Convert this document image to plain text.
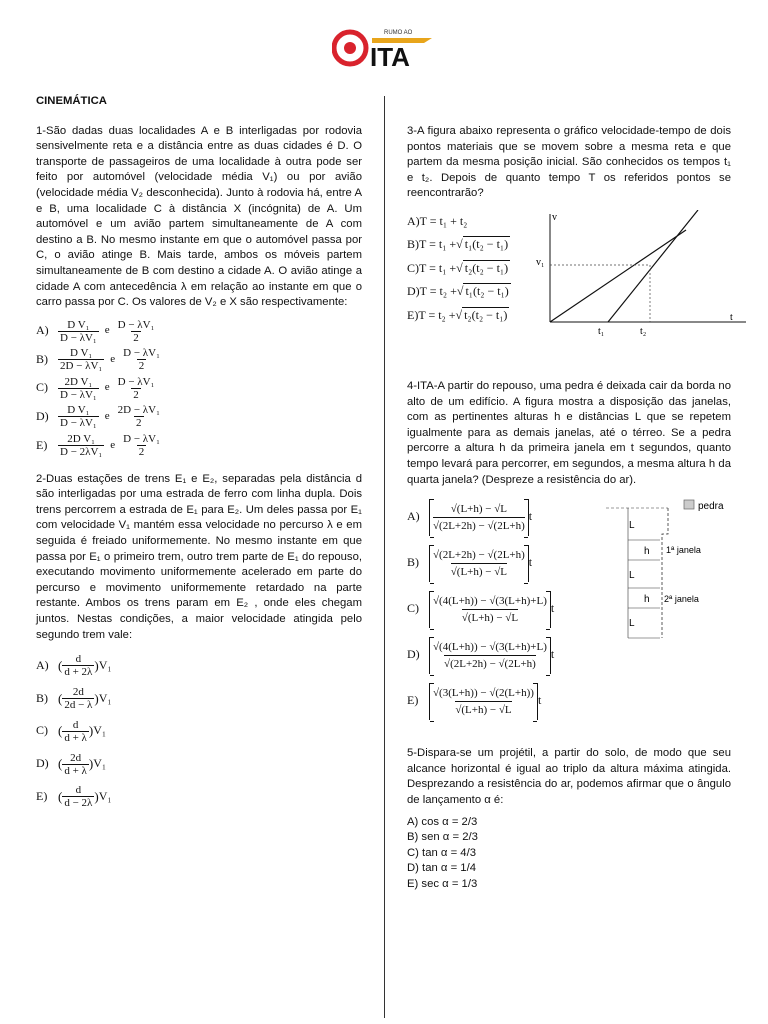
RUMO AO
ITA
CINEMÁTICA
1-São dadas duas localidades A e B interligadas por rodovia sensivelmente reta e a distância entre as duas cidades é D. O transporte de passageiros de uma localidade à outra pode ser feito por automóvel (velocidade média V₁) ou por avião (velocidade média V₂ desconhecida). Junto à rodovia há, entre A e B, uma localidade C à distância X (incógnita) de A. Um automóvel e um avião partem simultaneamente de A com destino a B. No mesmo instante em que o automóvel passa por C, o avião atinge B. Mais tarde, ambos os móveis partem simultaneamente de B com destino a cidade A. O avião atinge a cidade A com antecedência λ em relação ao instante em que o carro passa por C. Os valores de V₂ e X são respectivamente:
$A) \frac{\text{D V₁}}{\text{D − λV₁}}$ e $\frac{\text{D − λV₁}}{2}$
$B) \frac{\text{D V₁}}{\text{2D − λV₁}}$ e $\frac{\text{D − λV₁}}{2}$
$C) \frac{\text{2D V₁}}{\text{D − λV₁}}$ e $\frac{\text{D − λV₁}}{2}$
$D) \frac{\text{D V₁}}{\text{D − λV₁}}$ e $\frac{\text{2D − λV₁}}{2}$
$E) \frac{\text{2D V₁}}{\text{D − 2λV₁}}$ e $\frac{\text{D − λV₁}}{2}$
2-Duas estações de trens E₁ e E₂, separadas pela distância d são interligadas por uma estrada de ferro com linha dupla. Dois trens percorrem a estrada de E₁ para E₂. Um deles passa por E₁ com velocidade V₁ mantém essa velocidade no percurso λ e em seguida é freiado uniformemente. No mesmo instante em que passa por E₁ o primeiro trem, outro trem parte de E₁ do repouso, executando movimento uniformemente acelerado em parte do percurso e movimento uniformemente retardado na parte restante. Ambos os trens param em E₂ , onde eles chegam juntos. Nestas condições, a maior velocidade atingida pelo segundo trem vale:
A) ( $\frac{d}{d + 2\lambda}$ ) V₁
B) ( $\frac{2d}{2d - \lambda}$ ) V₁
C) ( $\frac{d}{d + \lambda}$ ) V₁
D) ( $\frac{2d}{d + \lambda}$ ) V₁
E) ( $\frac{d}{d - 2\lambda}$ ) V₁
3-A figura abaixo representa o gráfico velocidade-tempo de dois pontos materiais que se movem sobre a mesma reta e que partem da mesma posição inicial. São conhecidos os tempos t₁ e t₂. Depois de quanto tempo T os referidos pontos se reencontrarão?
A)T = t₁ + t₂
B)T = t₁ +√ t₁(t₂ − t₁)
C)T = t₁ +√ t₂(t₂ − t₁)
D)T = t₂ +√ t₁(t₂ − t₁)
E)T = t₂ +√ t₂(t₂ − t₁)
4-ITA-A partir do repouso, uma pedra é deixada cair da borda no alto de um edifício. A figura mostra a disposição das janelas, com as pertinentes alturas h e distâncias L que se repetem igualmente para as demais janelas, até o térreo. Se a pedra percorre a altura h da primeira janela em t segundos, quanto tempo levará para percorrer, em segundos, a mesma altura h da quarta janela? (Despreze a resistência do ar).
A)	$\frac{√(L+h) - √L}{√(2L+2h) - √(2L+h)}$ t
B)	$\frac{√(2L+2h) - √(2L+h)}{√(L+h) - √L}$ t
C)	$\frac{√(4(L+h)) - √(3(L+h)+L)}{√(L+h) - √L}$ t
D)	$\frac{√(4(L+h)) - √(3(L+h)+L)}{√(2L+2h) - √(2L+h)}$ t
E)	$\frac{√(3(L+h)) - √(2(L+h))}{√(L+h) - √L}$ t
5-Dispara-se um projétil, a partir do solo, de modo que seu alcance horizontal é igual ao triplo da altura máxima atingida. Desprezando a resistência do ar, podemos afirmar que o ângulo de lançamento α é:
A) cos α = 2/3
B) sen α = 2/3
C) tan α = 4/3
D) tan α = 1/4
E) sec α = 1/3
v
v₁
t
t₁	t₂
pedra
L
h
L
h
L
1ª janela
2ª janela
